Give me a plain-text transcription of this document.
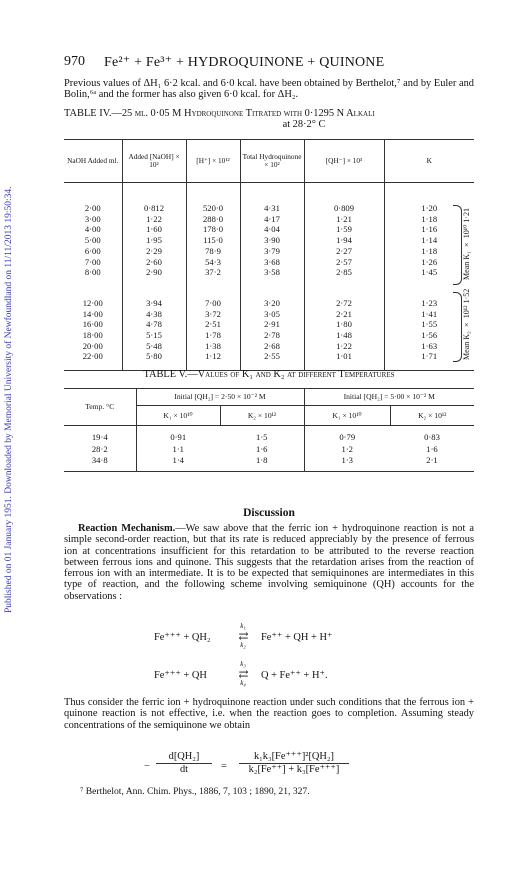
Published on 01 January 1951. Downloaded by Memorial University of Newfoundland on 11/11/2013 19:50:34.
970 Fe²⁺ + Fe³⁺ + HYDROQUINONE + QUINONE
Previous values of ΔH₁ 6·2 kcal. and 6·0 kcal. have been obtained by Berthelot,⁷ and by Euler and Bolin,⁶ᵃ and the former has also given 6·0 kcal. for ΔH₂.
TABLE IV.—25 ml. 0·05 M Hydroquinone Titrated with 0·1295 N Alkali
at 28·2° C
NaOH Added ml.	Added [NaOH] × 10²	[H⁺] × 10¹²	Total Hydroquinone × 10²	[QH⁻] × 10³	K

2·00	0·812	520·0	4·31	0·809	1·20
3·00	1·22	288·0	4·17	1·21	1·18
4·00	1·60	178·0	4·04	1·59	1·16
5·00	1·95	115·0	3·90	1·94	1·14
6·00	2·29	78·9	3·79	2·27	1·18
7·00	2·60	54·3	3·68	2·57	1·26
8·00	2·90	37·2	3·58	2·85	1·45

12·00	3·94	7·00	3·20	2·72	1·23
14·00	4·38	3·72	3·05	2·21	1·41
16·00	4·78	2·51	2·91	1·80	1·55
18·00	5·15	1·78	2·78	1·48	1·56
20·00	5·48	1·38	2·68	1·22	1·63
22·00	5·80	1·12	2·55	1·01	1·71
Mean K₁ × 10¹⁰ 1·21
Mean K₂ × 10¹² 1·52
TABLE V.—Values of K₁ and K₂ at different Temperatures
Temp. °C	Initial [QH₂] = 2·50 × 10⁻² M		Initial [QH₂] = 5·00 × 10⁻² M	
	K₁ × 10¹⁰	K₂ × 10¹²	K₁ × 10¹⁰	K₂ × 10¹²
19·4	0·91	1·5	0·79	0·83
28·2	1·1	1·6	1·2	1·6
34·8	1·4	1·8	1·3	2·1
Discussion
Reaction Mechanism.—We saw above that the ferric ion + hydroquinone reaction is not a simple second-order reaction, but that its rate is reduced appreciably by the presence of ferrous ion at concentrations insufficient for this retardation to be attributed to the reverse reaction between ferrous ions and quinone. This suggests that the retardation arises from the reaction of ferrous ion with an intermediate. It is to be expected that semiquinones are intermediates in this type of reaction, and the following scheme involving semiquinone (QH) accounts for the observations :
Fe⁺⁺⁺ + QH₂
k₁
⇄
k₂
Fe⁺⁺ + QH + H⁺
Fe⁺⁺⁺ + QH
k₃
⇄
k₄
Q + Fe⁺⁺ + H⁺.
Thus consider the ferric ion + hydroquinone reaction under such conditions that the ferrous ion + quinone reaction is not effective, i.e. when the reaction goes to completion. Assuming steady concentrations of the semiquinone we obtain
− $\frac{\text{d[QH₂]}}{dt} = \frac{\text{k₁k₃[Fe⁺⁺⁺]²[QH₂]}}{\text{k₂[Fe⁺⁺] + k₃[Fe⁺⁺⁺]}}$
⁷ Berthelot, Ann. Chim. Phys., 1886, 7, 103 ; 1890, 21, 327.
